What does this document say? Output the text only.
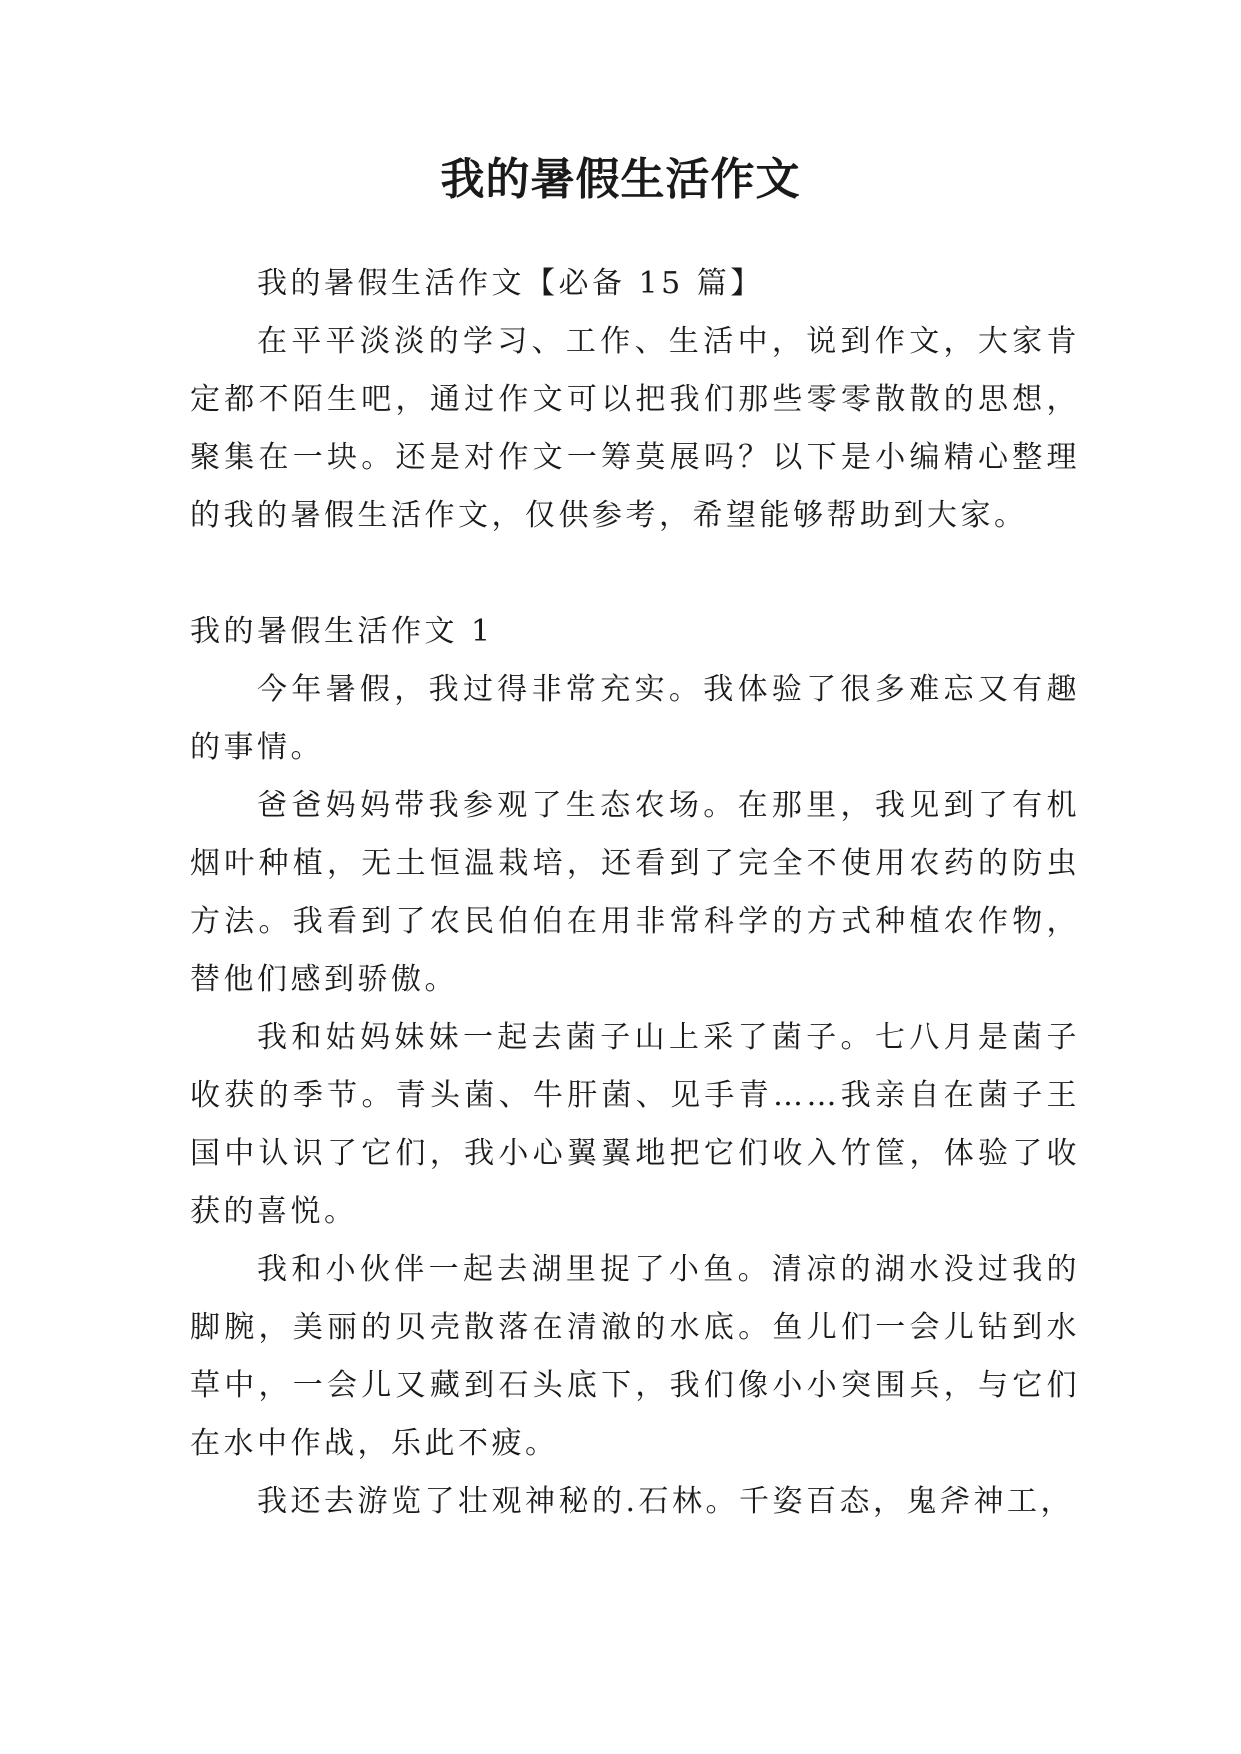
我的暑假生活作文

我的暑假生活作文【必备 15 篇】

在平平淡淡的学习、工作、生活中，说到作文，大家肯定都不陌生吧，通过作文可以把我们那些零零散散的思想，聚集在一块。还是对作文一筹莫展吗？以下是小编精心整理的我的暑假生活作文，仅供参考，希望能够帮助到大家。

我的暑假生活作文 1

今年暑假，我过得非常充实。我体验了很多难忘又有趣的事情。

爸爸妈妈带我参观了生态农场。在那里，我见到了有机烟叶种植，无土恒温栽培，还看到了完全不使用农药的防虫方法。我看到了农民伯伯在用非常科学的方式种植农作物，替他们感到骄傲。

我和姑妈妹妹一起去菌子山上采了菌子。七八月是菌子收获的季节。青头菌、牛肝菌、见手青……我亲自在菌子王国中认识了它们，我小心翼翼地把它们收入竹筐，体验了收获的喜悦。

我和小伙伴一起去湖里捉了小鱼。清凉的湖水没过我的脚腕，美丽的贝壳散落在清澈的水底。鱼儿们一会儿钻到水草中，一会儿又藏到石头底下，我们像小小突围兵，与它们在水中作战，乐此不疲。

我还去游览了壮观神秘的.石林。千姿百态，鬼斧神工，
